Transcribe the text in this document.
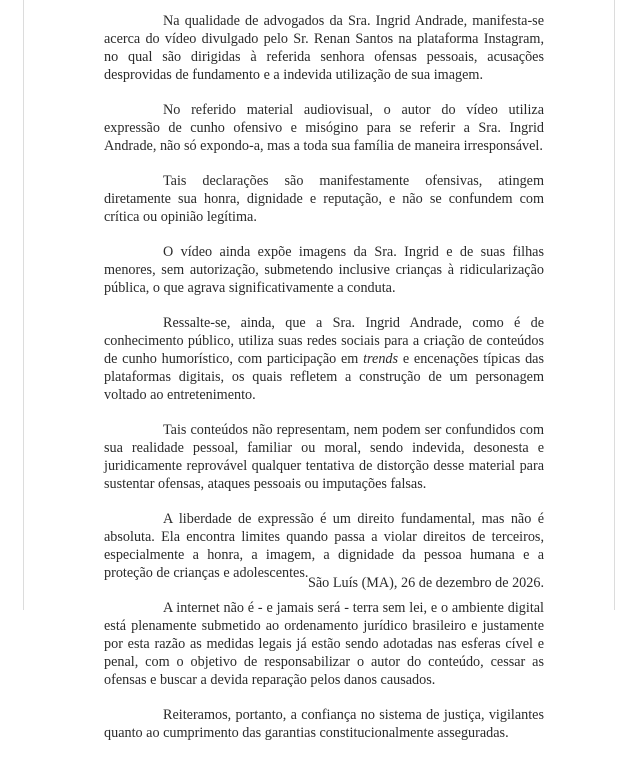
Na qualidade de advogados da Sra. Ingrid Andrade, manifesta-se acerca do vídeo divulgado pelo Sr. Renan Santos na plataforma Instagram, no qual são dirigidas à referida senhora ofensas pessoais, acusações desprovidas de fundamento e a indevida utilização de sua imagem.

No referido material audiovisual, o autor do vídeo utiliza expressão de cunho ofensivo e misógino para se referir a Sra. Ingrid Andrade, não só expondo-a, mas a toda sua família de maneira irresponsável.

Tais declarações são manifestamente ofensivas, atingem diretamente sua honra, dignidade e reputação, e não se confundem com crítica ou opinião legítima.

O vídeo ainda expõe imagens da Sra. Ingrid e de suas filhas menores, sem autorização, submetendo inclusive crianças à ridicularização pública, o que agrava significativamente a conduta.

Ressalte-se, ainda, que a Sra. Ingrid Andrade, como é de conhecimento público, utiliza suas redes sociais para a criação de conteúdos de cunho humorístico, com participação em trends e encenações típicas das plataformas digitais, os quais refletem a construção de um personagem voltado ao entretenimento.

Tais conteúdos não representam, nem podem ser confundidos com sua realidade pessoal, familiar ou moral, sendo indevida, desonesta e juridicamente reprovável qualquer tentativa de distorção desse material para sustentar ofensas, ataques pessoais ou imputações falsas.

A liberdade de expressão é um direito fundamental, mas não é absoluta. Ela encontra limites quando passa a violar direitos de terceiros, especialmente a honra, a imagem, a dignidade da pessoa humana e a proteção de crianças e adolescentes.

A internet não é - e jamais será - terra sem lei, e o ambiente digital está plenamente submetido ao ordenamento jurídico brasileiro e justamente por esta razão as medidas legais já estão sendo adotadas nas esferas cível e penal, com o objetivo de responsabilizar o autor do conteúdo, cessar as ofensas e buscar a devida reparação pelos danos causados.

Reiteramos, portanto, a confiança no sistema de justiça, vigilantes quanto ao cumprimento das garantias constitucionalmente asseguradas.

São Luís (MA), 26 de dezembro de 2026.
